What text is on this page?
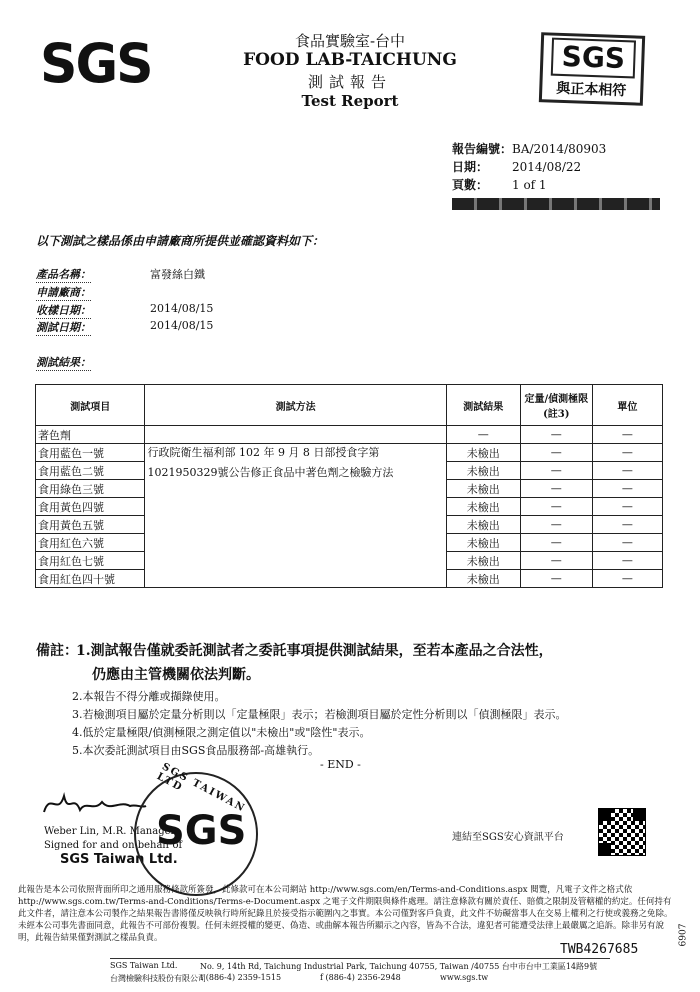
SGS	食品實驗室-台中
FOOD LAB-TAICHUNG
測試報告
Test Report
SGS
與正本相符
報告編號：BA/2014/80903
日期： 2014/08/22
頁數： 1 of 1
以下測試之樣品係由申請廠商所提供並確認資料如下：
產品名稱：	富發絲白鐵
申請廠商：
收樣日期：	2014/08/15
測試日期：	2014/08/15
測試結果：
測試項目	測試方法	測試結果	定量/偵測極限(註3)	單位
著色劑		—	—	—
食用藍色一號	行政院衛生福利部 102 年 9 月 8 日部授食字第
1021950329號公告修正食品中著色劑之檢驗方法	未檢出	—	—
食用藍色二號		未檢出	—	—
食用綠色三號		未檢出	—	—
食用黃色四號		未檢出	—	—
食用黃色五號		未檢出	—	—
食用紅色六號		未檢出	—	—
食用紅色七號		未檢出	—	—
食用紅色四十號		未檢出	—	—
備註：
1.測試報告僅就委託測試者之委託事項提供測試結果，至若本產品之合法性，
仍應由主管機關依法判斷。
2.本報告不得分離或擷錄使用。
3.若檢測項目屬於定量分析則以「定量極限」表示；若檢測項目屬於定性分析則以「偵測極限」表示。
4.低於定量極限/偵測極限之測定值以"未檢出"或"陰性"表示。
5.本次委託測試項目由SGS食品服務部-高雄執行。
- END -
Weber Lin, M.R. Manager
Signed for and on behalf of
SGS Taiwan Ltd.
SGS
SGS TAIWAN LTD
連結至SGS安心資訊平台
此報告是本公司依照背面所印之通用服務條款所簽發，此條款可在本公司網站 http://www.sgs.com/en/Terms-and-Conditions.aspx 閱覽，凡電子文件之格式依 http://www.sgs.com.tw/Terms-and-Conditions/Terms-e-Document.aspx 之電子文件期限與條件處理。請注意條款有關於責任、賠償之限制及管轄權的約定。任何持有此文件者，請注意本公司製作之結果報告書將僅反映執行時所紀錄且於接受指示範圍內之事實。本公司僅對客戶負責，此文件不妨礙當事人在交易上權利之行使或義務之免除。未經本公司事先書面同意，此報告不可部份複製。任何未經授權的變更、偽造、或曲解本報告所顯示之內容，皆為不合法，違犯者可能遭受法律上最嚴厲之追訴。除非另有說明，此報告結果僅對測試之樣品負責。
TWB4267685
SGS Taiwan Ltd.
台灣檢驗科技股份有限公司
No. 9, 14th Rd, Taichung Industrial Park, Taichung 40755, Taiwan /40755 台中市台中工業區14路9號
t (886-4) 2359-1515	f (886-4) 2356-2948	www.sgs.tw
6907
